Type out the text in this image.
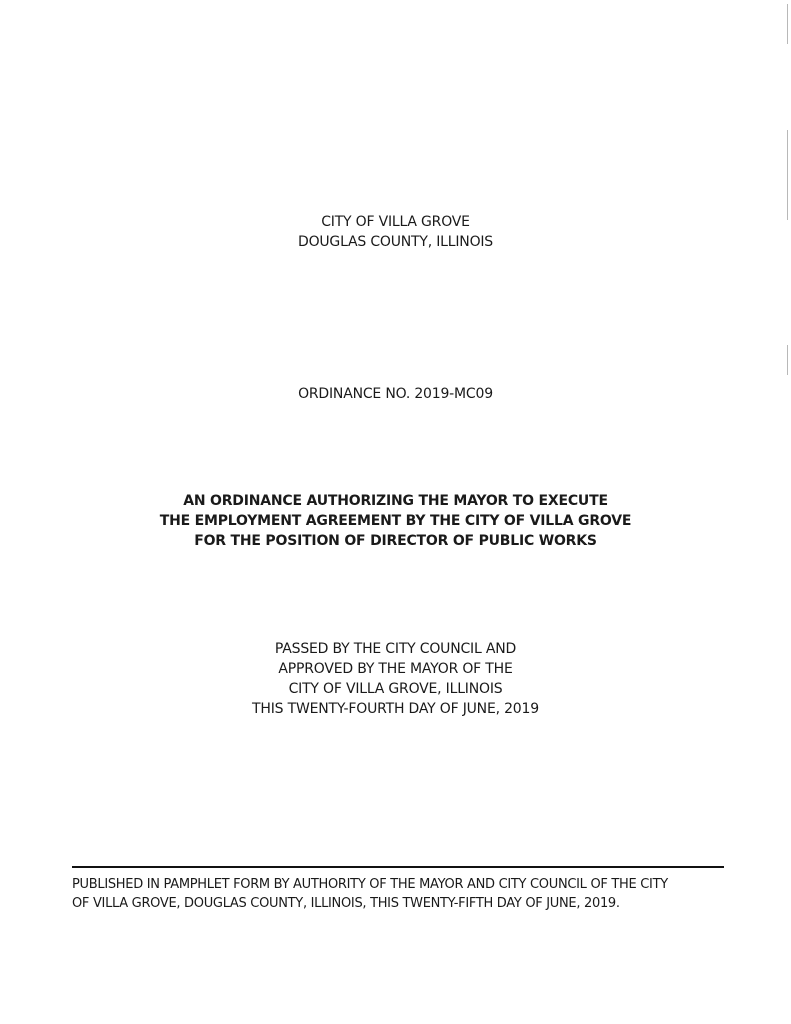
CITY OF VILLA GROVE
DOUGLAS COUNTY, ILLINOIS
ORDINANCE NO. 2019-MC09
AN ORDINANCE AUTHORIZING THE MAYOR TO EXECUTE
THE EMPLOYMENT AGREEMENT BY THE CITY OF VILLA GROVE
FOR THE POSITION OF DIRECTOR OF PUBLIC WORKS
PASSED BY THE CITY COUNCIL AND
APPROVED BY THE MAYOR OF THE
CITY OF VILLA GROVE, ILLINOIS
THIS TWENTY-FOURTH DAY OF JUNE, 2019
PUBLISHED IN PAMPHLET FORM BY AUTHORITY OF THE MAYOR AND CITY COUNCIL OF THE CITY
OF VILLA GROVE, DOUGLAS COUNTY, ILLINOIS, THIS TWENTY-FIFTH DAY OF JUNE, 2019.
